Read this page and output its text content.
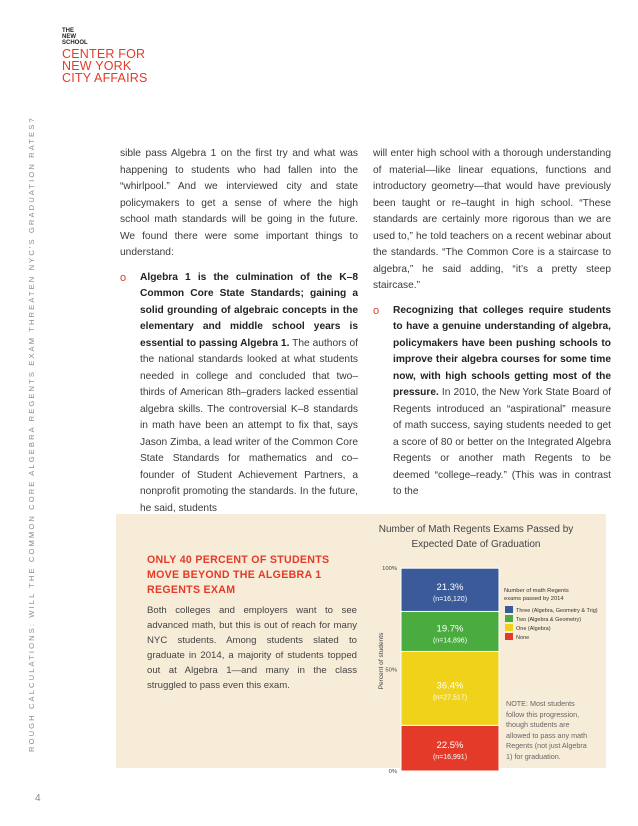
THE
NEW
SCHOOL
CENTER FOR
NEW YORK
CITY AFFAIRS
ROUGH CALCULATIONS: WILL THE COMMON CORE ALGEBRA REGENTS EXAM THREATEN NYC'S GRADUATION RATES?
4

sible pass Algebra 1 on the first try and what was happening to students who had fallen into the “whirlpool.” And we interviewed city and state policymakers to get a sense of where the high school math standards will be going in the future. We found there were some important things to understand:

o Algebra 1 is the culmination of the K–8 Common Core State Standards; gaining a solid grounding of algebraic concepts in the elementary and middle school years is essential to passing Algebra 1. The authors of the national standards looked at what students needed in college and concluded that two–thirds of American 8th–graders lacked essential algebra skills. The controversial K–8 standards in math have been an attempt to fix that, says Jason Zimba, a lead writer of the Common Core State Standards for mathematics and co–founder of Student Achievement Partners, a nonprofit promoting the standards. In the future, he said, students

will enter high school with a thorough understanding of material—like linear equations, functions and introductory geometry—that would have previously been taught or re–taught in high school. “These standards are certainly more rigorous than we are used to,” he told teachers on a recent webinar about the standards. “The Common Core is a staircase to algebra,” he said adding, “it’s a pretty steep staircase.”

o Recognizing that colleges require students to have a genuine understanding of algebra, policymakers have been pushing schools to improve their algebra courses for some time now, with high schools getting most of the pressure. In 2010, the New York State Board of Regents introduced an “aspirational” measure of math success, saying students needed to get a score of 80 or better on the Integrated Algebra Regents or another math Regents to be deemed “college–ready.” (This was in contrast to the

ONLY 40 PERCENT OF STUDENTS MOVE BEYOND THE ALGEBRA 1 REGENTS EXAM
Both colleges and employers want to see advanced math, but this is out of reach for many NYC students. Among students slated to graduate in 2014, a majority of students topped out at Algebra 1—and many in the class struggled to pass even this exam.
Number of Math Regents Exams Passed by Expected Date of Graduation
Percent of students
0%
50%
100%
22.5%
(n=16,991)
36.4%
(n=27,517)
19.7%
(n=14,896)
21.3%
(n=16,120)
Number of math Regents
exams passed by 2014
Three (Algebra, Geometry & Trig)
Two (Algebra & Geometry)
One (Algebra)
None
NOTE: Most students follow this progression, though students are allowed to pass any math Regents (not just Algebra 1) for graduation.
